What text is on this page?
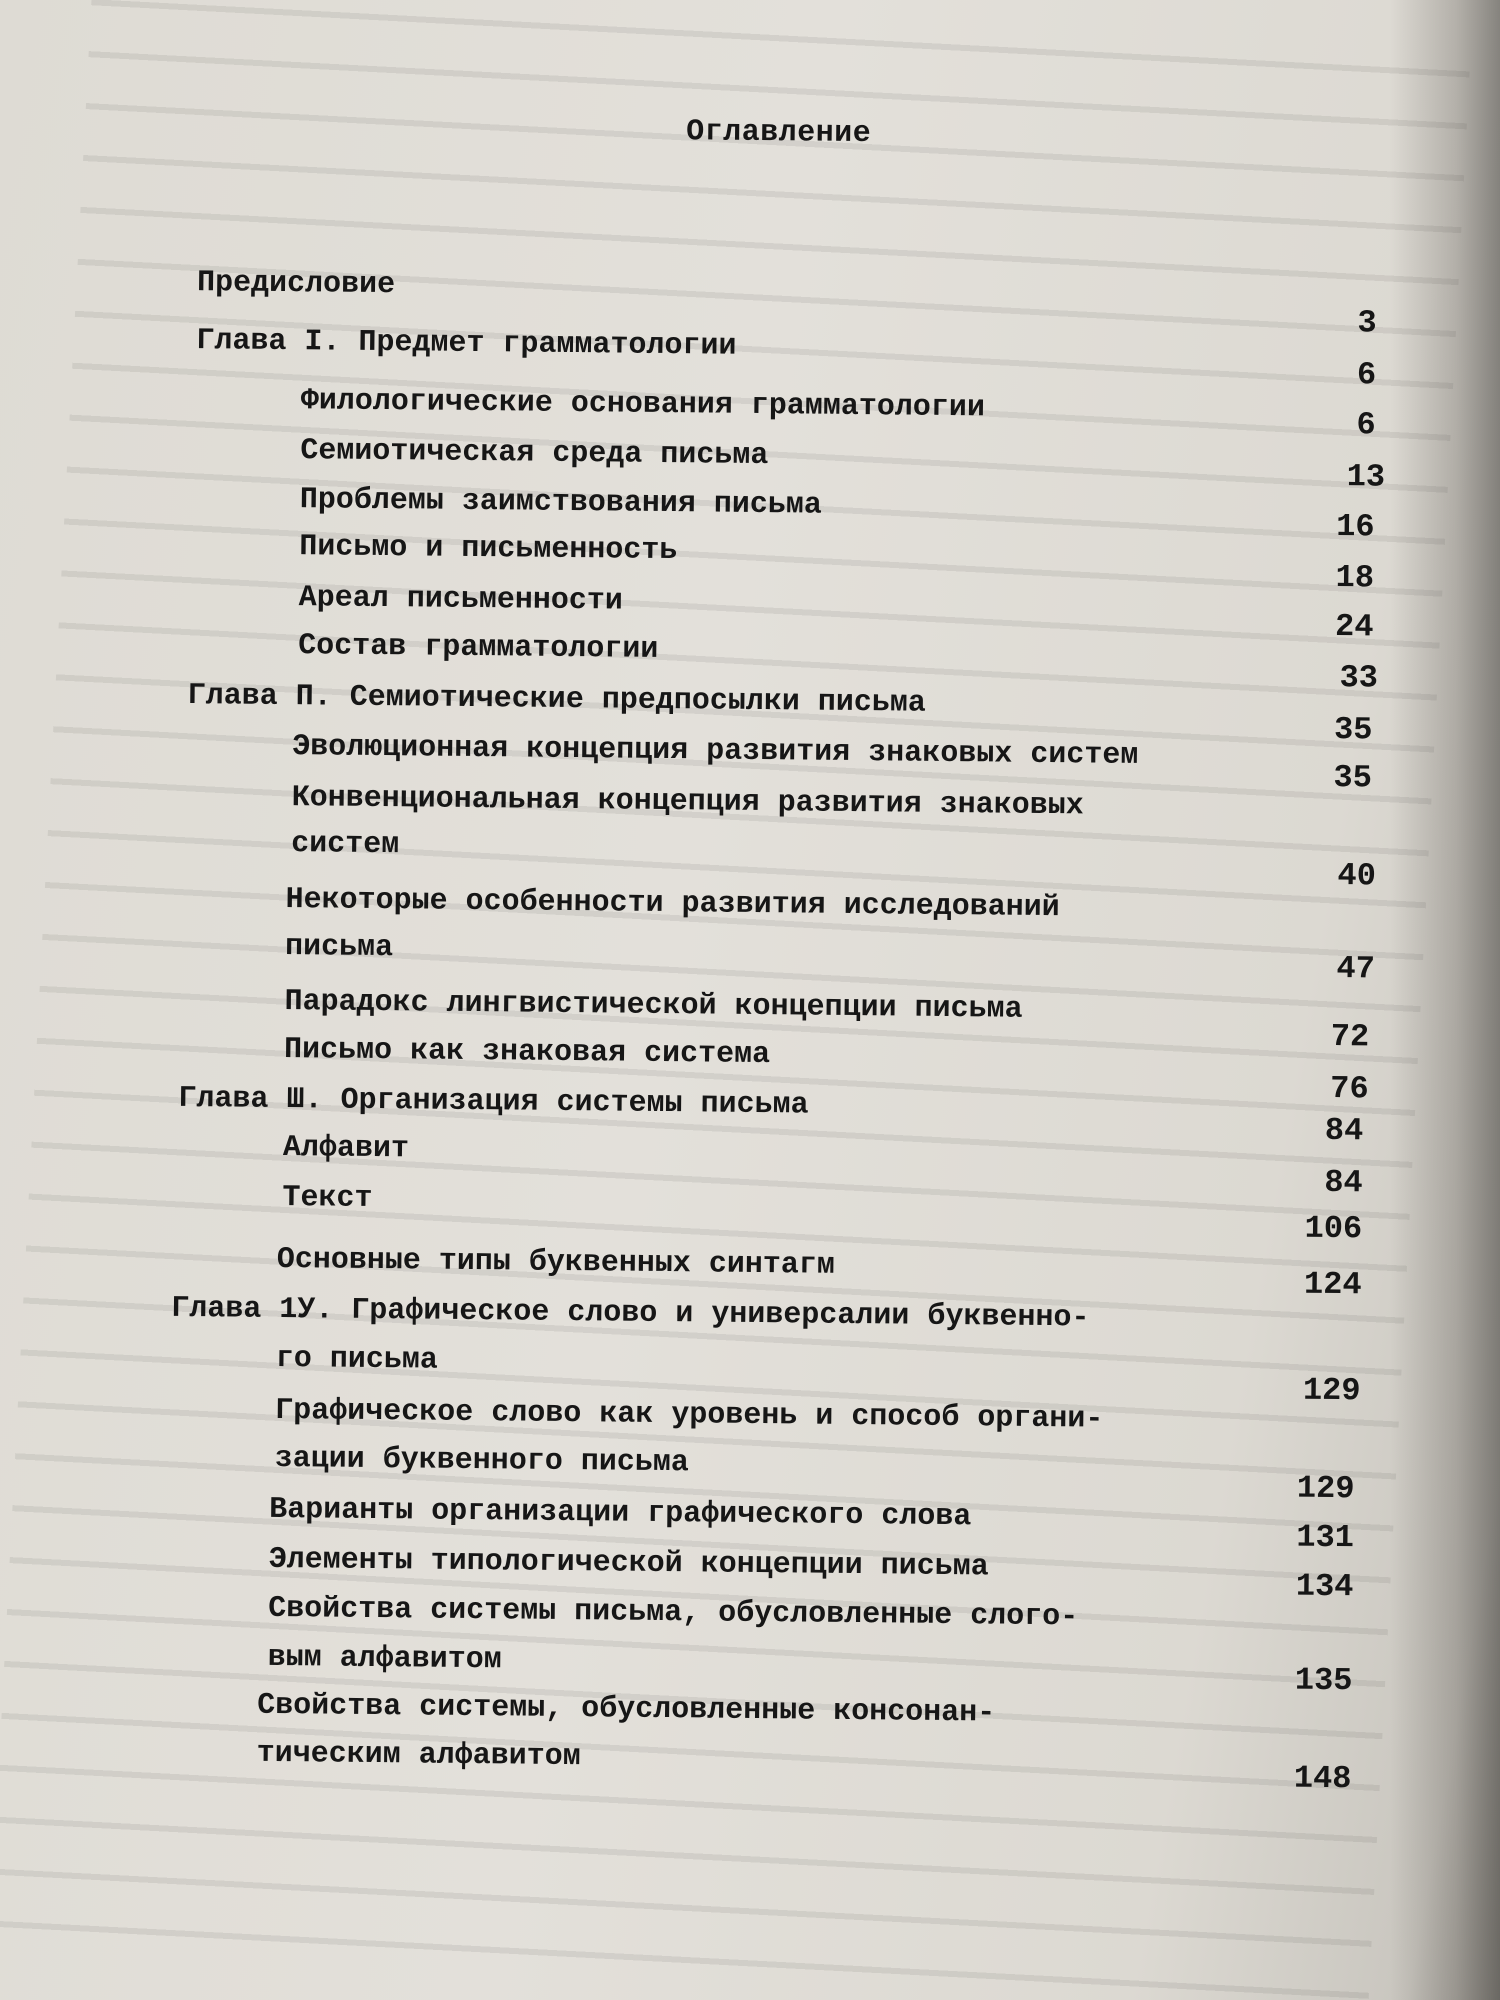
Оглавление
Предисловие
3
Глава I. Предмет грамматологии
6
Филологические основания грамматологии	6
Семиотическая среда письма
13
Проблемы заимствования письма
16
Письмо и письменность
18
Ареал письменности
24
Состав грамматологии
33
Глава П. Семиотические предпосылки письма
35
Эволюционная концепция развития знаковых систем
35
Конвенциональная концепция развития знаковых
систем
40
Некоторые особенности развития исследований
письма
47
Парадокс лингвистической концепции письма
72
Письмо как знаковая система
76
Глава Ш. Организация системы письма
84
Алфавит
84
Текст
106
Основные типы буквенных синтагм
124
Глава 1У. Графическое слово и универсалии буквенно-
го письма
129
Графическое слово как уровень и способ органи-
зации буквенного письма
129
Варианты организации графического слова
131
Элементы типологической концепции письма
134
Свойства системы письма, обусловленные слого-
вым алфавитом
135
Свойства системы, обусловленные консонан-
тическим алфавитом
148
